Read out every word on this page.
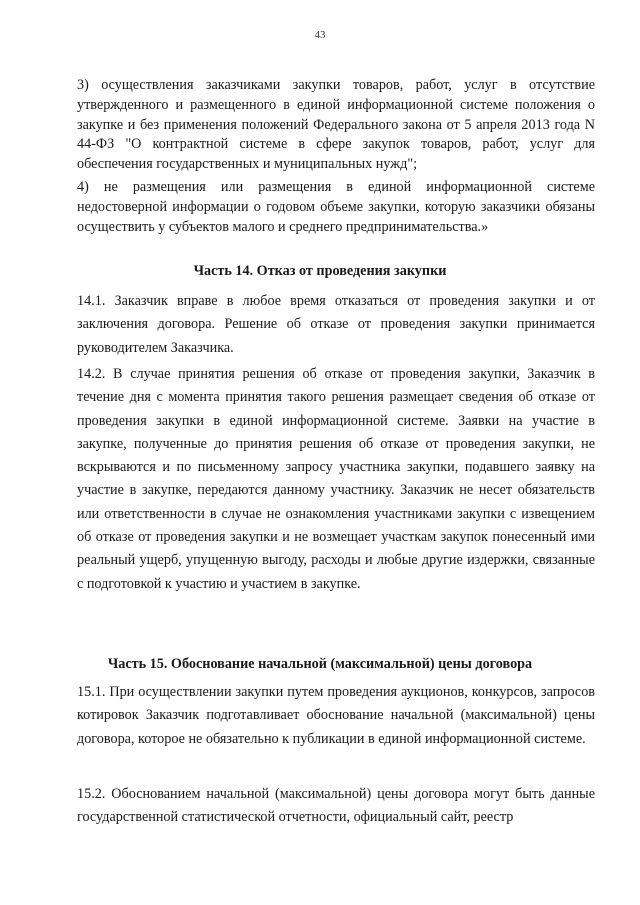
43

3) осуществления заказчиками закупки товаров, работ, услуг в отсутствие утвержденного и размещенного в единой информационной системе положения о закупке и без применения положений Федерального закона от 5 апреля 2013 года N 44-ФЗ "О контрактной системе в сфере закупок товаров, работ, услуг для обеспечения государственных и муниципальных нужд";

4) не размещения или размещения в единой информационной системе недостоверной информации о годовом объеме закупки, которую заказчики обязаны осуществить у субъектов малого и среднего предпринимательства.»

Часть 14. Отказ от проведения закупки

14.1. Заказчик вправе в любое время отказаться от проведения закупки и от заключения договора. Решение об отказе от проведения закупки принимается руководителем Заказчика.

14.2. В случае принятия решения об отказе от проведения закупки, Заказчик в течение дня с момента принятия такого решения размещает сведения об отказе от проведения закупки в единой информационной системе. Заявки на участие в закупке, полученные до принятия решения об отказе от проведения закупки, не вскрываются и по письменному запросу участника закупки, подавшего заявку на участие в закупке, передаются данному участнику. Заказчик не несет обязательств или ответственности в случае не ознакомления участниками закупки с извещением об отказе от проведения закупки и не возмещает участкам закупок понесенный ими реальный ущерб, упущенную выгоду, расходы и любые другие издержки, связанные с подготовкой к участию и участием в закупке.

Часть 15. Обоснование начальной (максимальной) цены договора

15.1. При осуществлении закупки путем проведения аукционов, конкурсов, запросов котировок Заказчик подготавливает обоснование начальной (максимальной) цены договора, которое не обязательно к публикации в единой информационной системе.

15.2. Обоснованием начальной (максимальной) цены договора могут быть данные государственной статистической отчетности, официальный сайт, реестр
